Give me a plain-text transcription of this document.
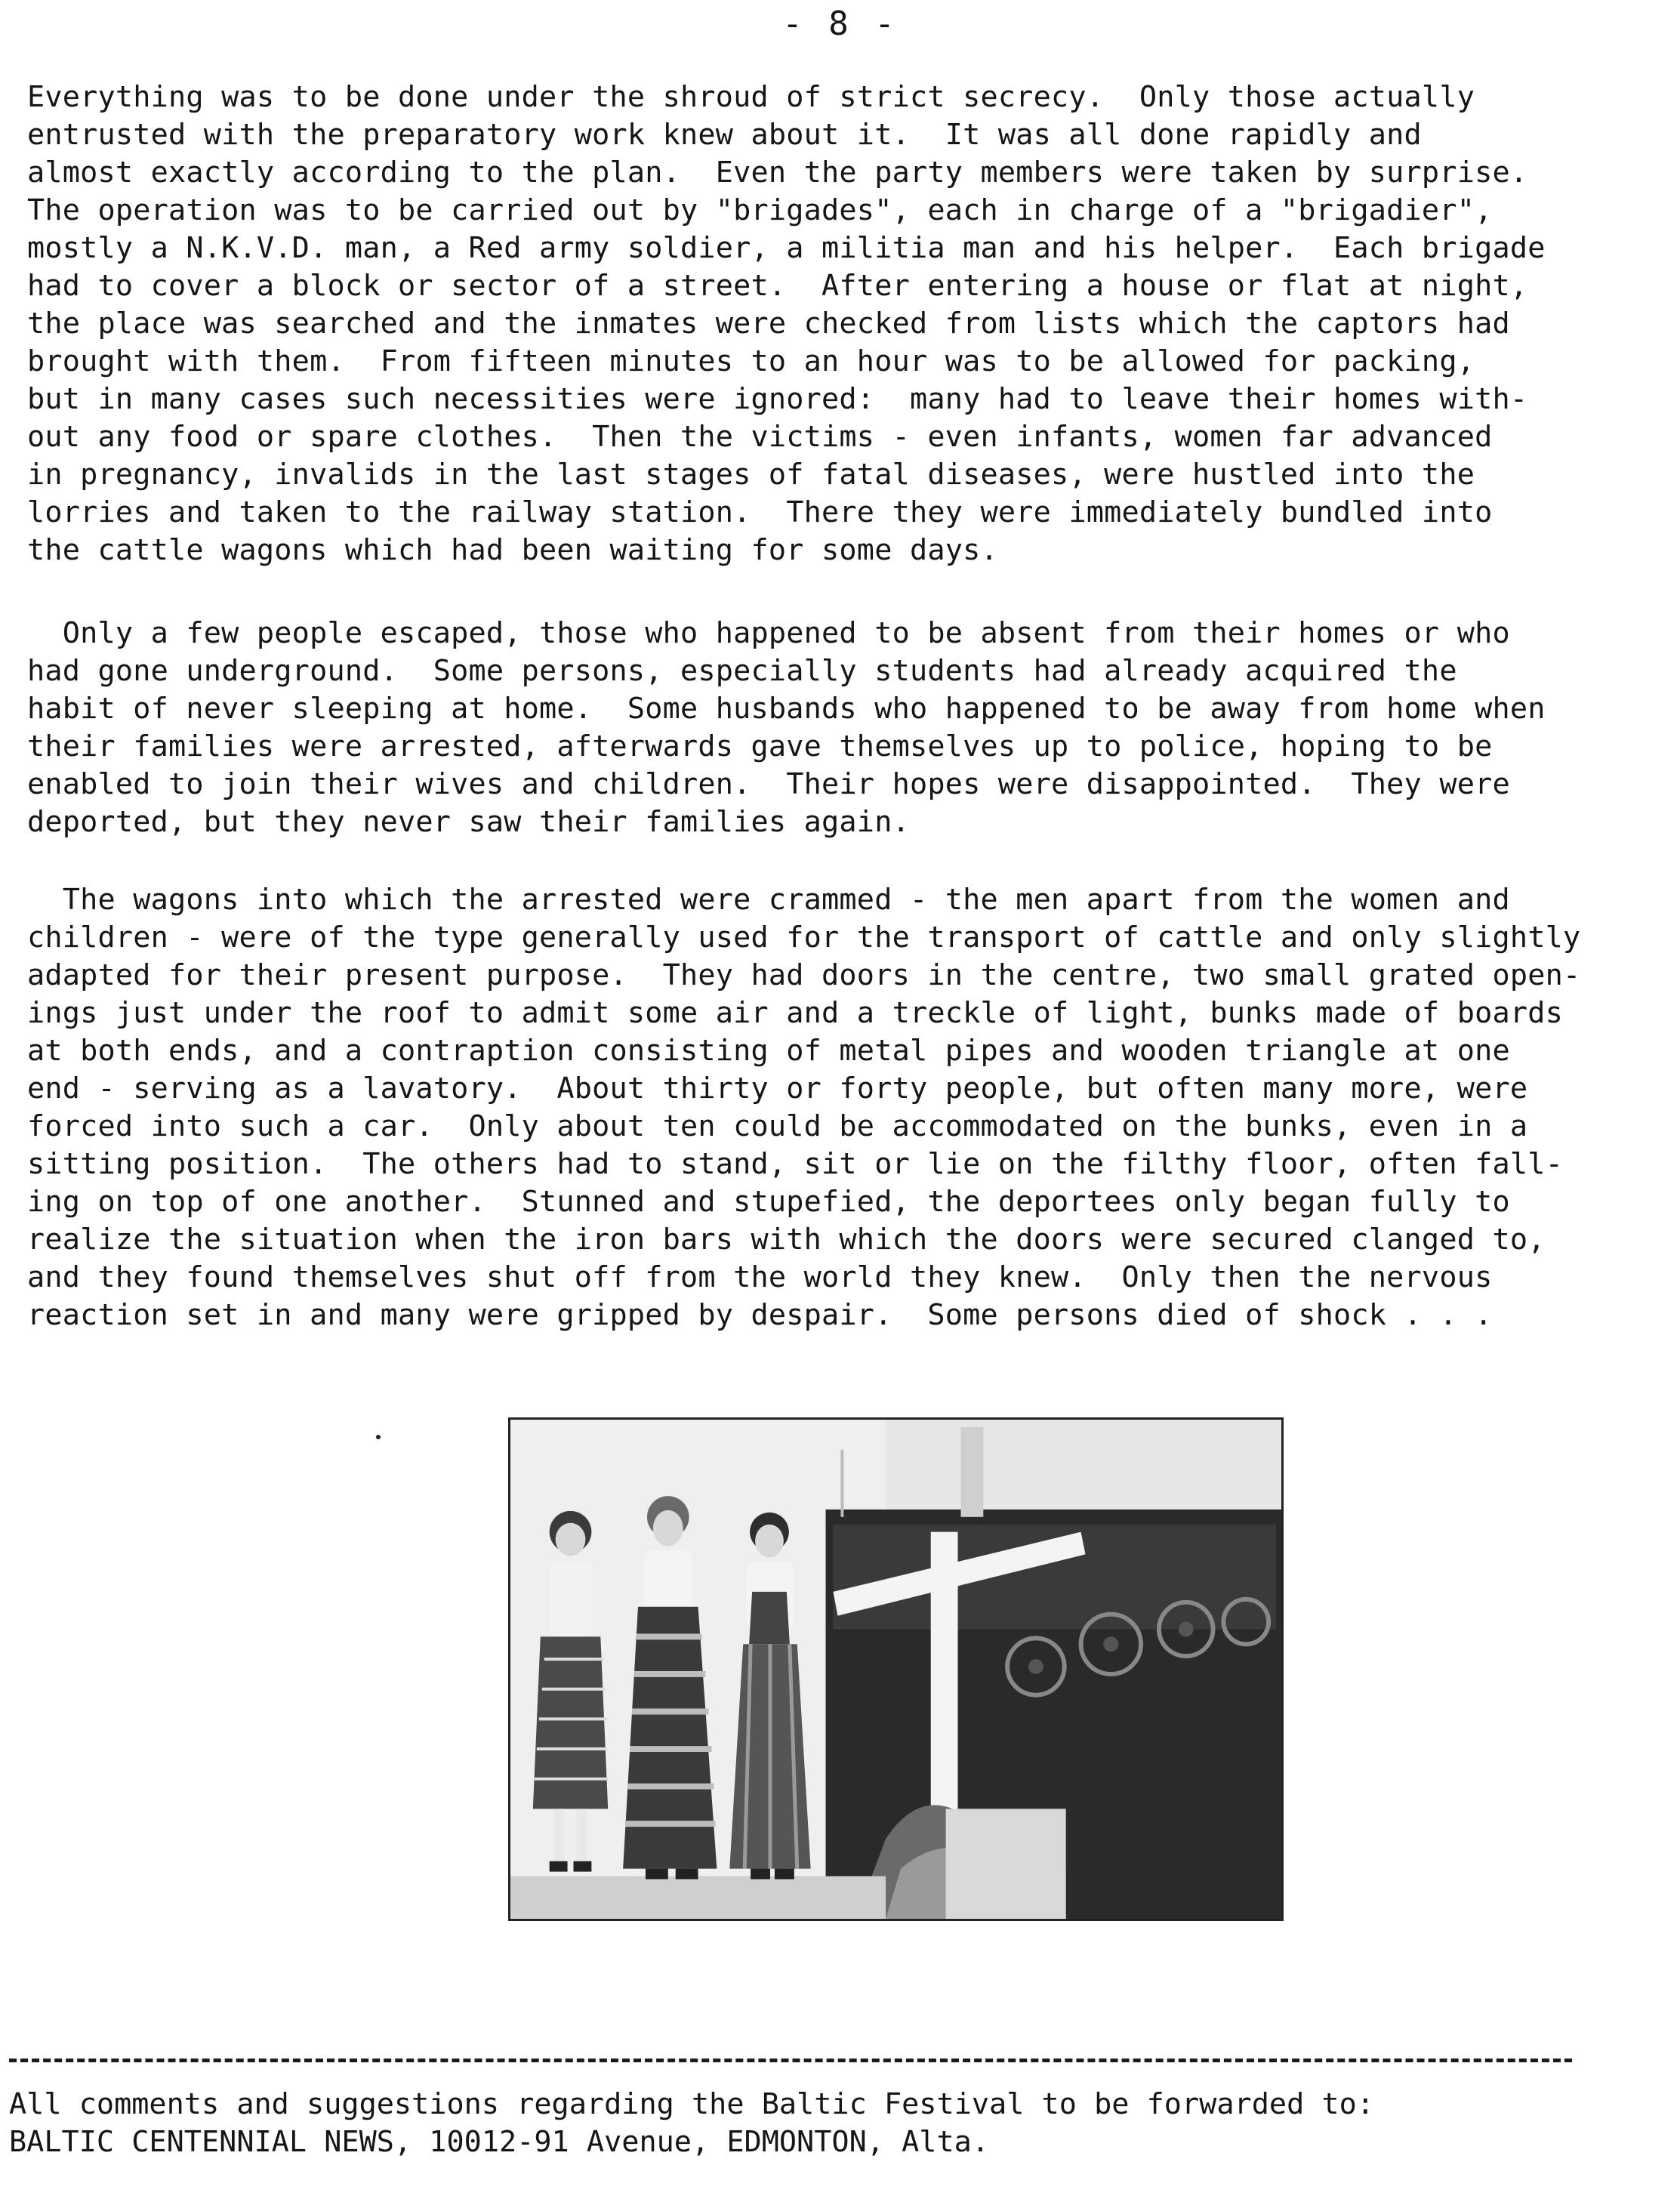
- 8 -

Everything was to be done under the shroud of strict secrecy.  Only those actually
entrusted with the preparatory work knew about it.  It was all done rapidly and
almost exactly according to the plan.  Even the party members were taken by surprise.
The operation was to be carried out by "brigades", each in charge of a "brigadier",
mostly a N.K.V.D. man, a Red army soldier, a militia man and his helper.  Each brigade
had to cover a block or sector of a street.  After entering a house or flat at night,
the place was searched and the inmates were checked from lists which the captors had
brought with them.  From fifteen minutes to an hour was to be allowed for packing,
but in many cases such necessities were ignored:  many had to leave their homes with-
out any food or spare clothes.  Then the victims - even infants, women far advanced
in pregnancy, invalids in the last stages of fatal diseases, were hustled into the
lorries and taken to the railway station.  There they were immediately bundled into
the cattle wagons which had been waiting for some days.

Only a few people escaped, those who happened to be absent from their homes or who
had gone underground.  Some persons, especially students had already acquired the
habit of never sleeping at home.  Some husbands who happened to be away from home when
their families were arrested, afterwards gave themselves up to police, hoping to be
enabled to join their wives and children.  Their hopes were disappointed.  They were
deported, but they never saw their families again.

The wagons into which the arrested were crammed - the men apart from the women and
children - were of the type generally used for the transport of cattle and only slightly
adapted for their present purpose.  They had doors in the centre, two small grated open-
ings just under the roof to admit some air and a treckle of light, bunks made of boards
at both ends, and a contraption consisting of metal pipes and wooden triangle at one
end - serving as a lavatory.  About thirty or forty people, but often many more, were
forced into such a car.  Only about ten could be accommodated on the bunks, even in a
sitting position.  The others had to stand, sit or lie on the filthy floor, often fall-
ing on top of one another.  Stunned and stupefied, the deportees only began fully to
realize the situation when the iron bars with which the doors were secured clanged to,
and they found themselves shut off from the world they knew.  Only then the nervous
reaction set in and many were gripped by despair.  Some persons died of shock . . .

All comments and suggestions regarding the Baltic Festival to be forwarded to:
BALTIC CENTENNIAL NEWS, 10012-91 Avenue, EDMONTON, Alta.
